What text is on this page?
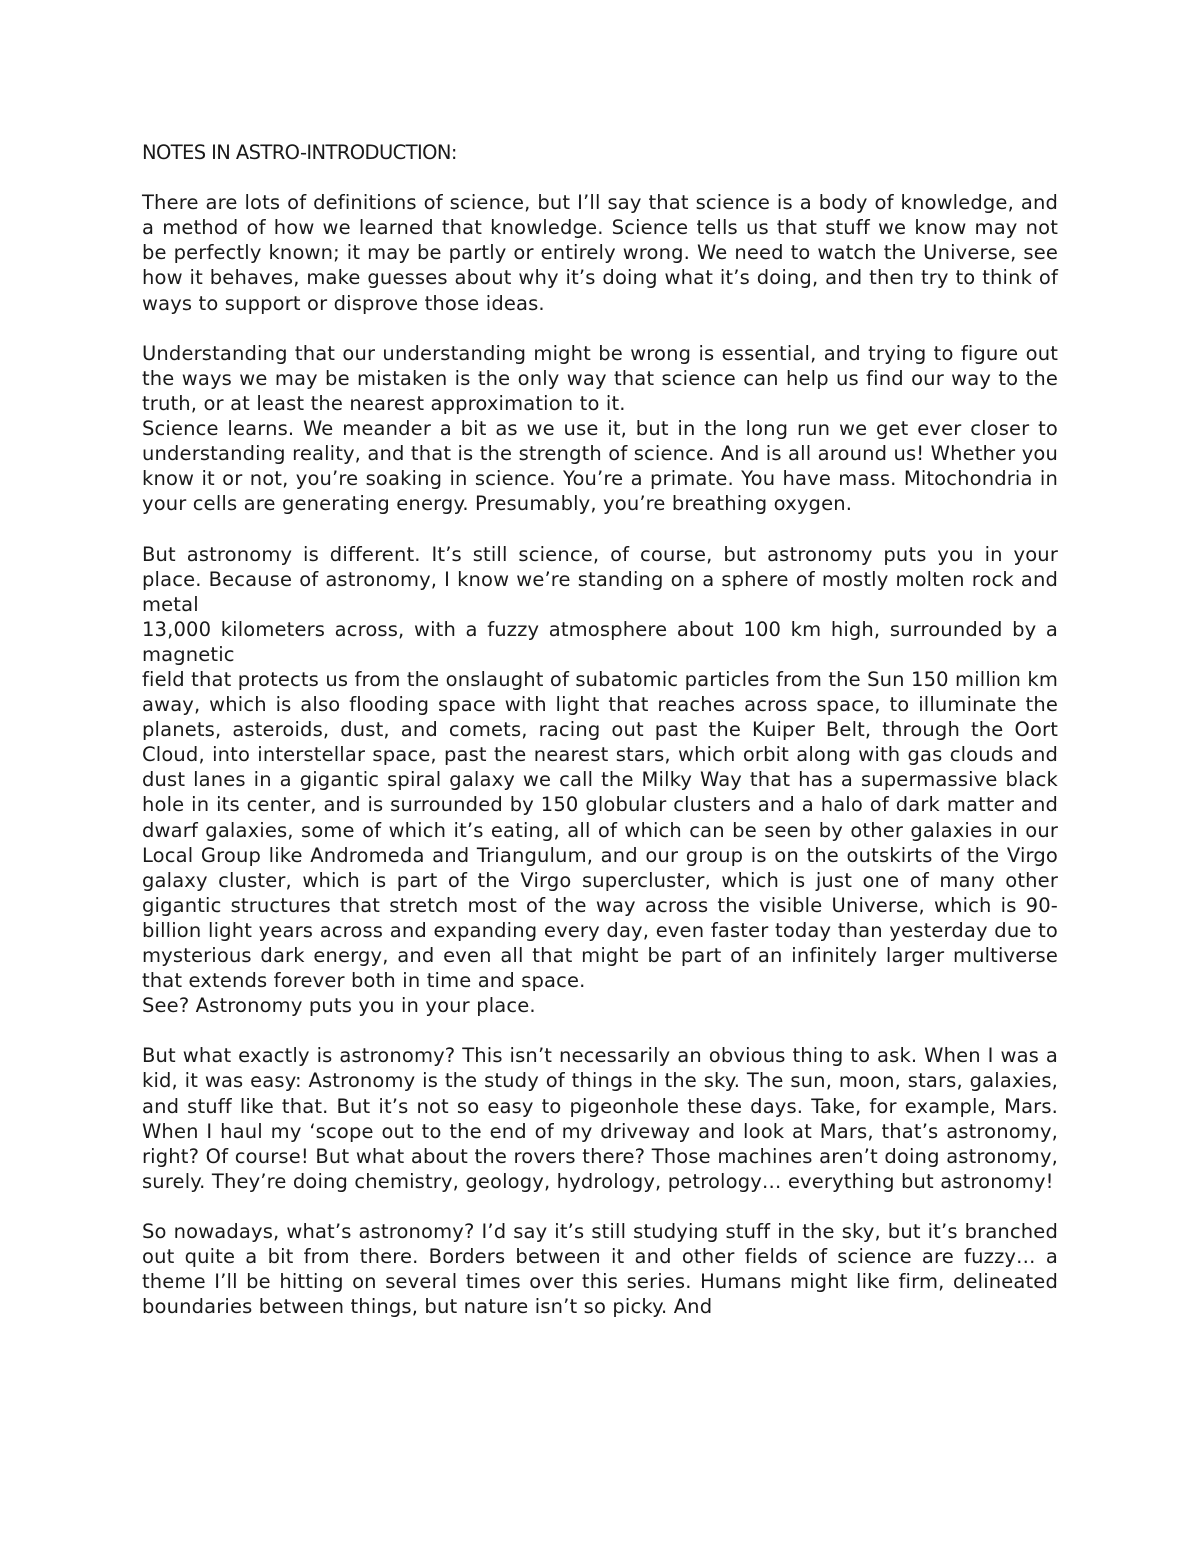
NOTES IN ASTRO-INTRODUCTION:

There are lots of definitions of science, but I’ll say that science is a body of knowledge, and a method of how we learned that knowledge. Science tells us that stuff we know may not be perfectly known; it may be partly or entirely wrong. We need to watch the Universe, see how it behaves, make guesses about why it’s doing what it’s doing, and then try to think of ways to support or disprove those ideas.

Understanding that our understanding might be wrong is essential, and trying to figure out the ways we may be mistaken is the only way that science can help us find our way to the truth, or at least the nearest approximation to it.

Science learns. We meander a bit as we use it, but in the long run we get ever closer to understanding reality, and that is the strength of science. And is all around us! Whether you know it or not, you’re soaking in science. You’re a primate. You have mass. Mitochondria in your cells are generating energy. Presumably, you’re breathing oxygen.

But astronomy is different. It’s still science, of course, but astronomy puts you in your place. Because of astronomy, I know we’re standing on a sphere of mostly molten rock and metal

13,000 kilometers across, with a fuzzy atmosphere about 100 km high, surrounded by a magnetic

field that protects us from the onslaught of subatomic particles from the Sun 150 million km away, which is also flooding space with light that reaches across space, to illuminate the planets, asteroids, dust, and comets, racing out past the Kuiper Belt, through the Oort Cloud, into interstellar space, past the nearest stars, which orbit along with gas clouds and dust lanes in a gigantic spiral galaxy we call the Milky Way that has a supermassive black hole in its center, and is surrounded by 150 globular clusters and a halo of dark matter and dwarf galaxies, some of which it’s eating, all of which can be seen by other galaxies in our Local Group like Andromeda and Triangulum, and our group is on the outskirts of the Virgo galaxy cluster, which is part of the Virgo supercluster, which is just one of many other gigantic structures that stretch most of the way across the visible Universe, which is 90-billion light years across and expanding every day, even faster today than yesterday due to mysterious dark energy, and even all that might be part of an infinitely larger multiverse that extends forever both in time and space.

See? Astronomy puts you in your place.

But what exactly is astronomy? This isn’t necessarily an obvious thing to ask. When I was a kid, it was easy: Astronomy is the study of things in the sky. The sun, moon, stars, galaxies, and stuff like that. But it’s not so easy to pigeonhole these days. Take, for example, Mars. When I haul my ‘scope out to the end of my driveway and look at Mars, that’s astronomy, right? Of course! But what about the rovers there? Those machines aren’t doing astronomy, surely. They’re doing chemistry, geology, hydrology, petrology… everything but astronomy!

So nowadays, what’s astronomy? I’d say it’s still studying stuff in the sky, but it’s branched out quite a bit from there. Borders between it and other fields of science are fuzzy… a theme I’ll be hitting on several times over this series. Humans might like firm, delineated boundaries between things, but nature isn’t so picky. And
